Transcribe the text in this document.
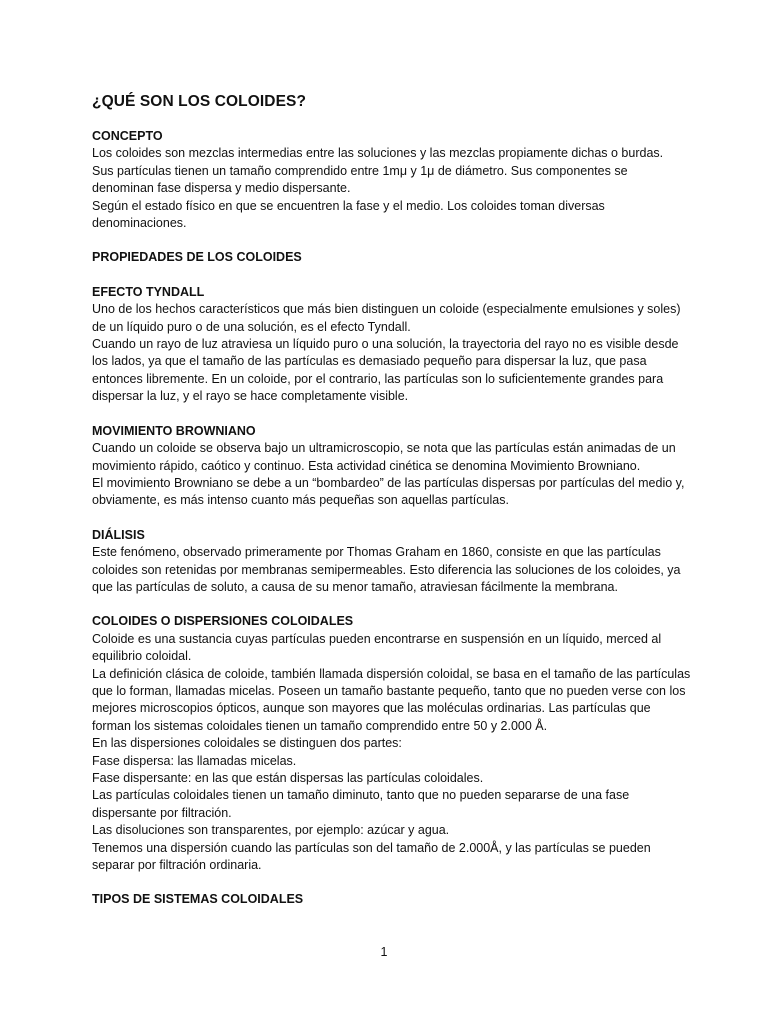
¿QUÉ SON LOS COLOIDES?
CONCEPTO

Los coloides son mezclas intermedias entre las soluciones y las mezclas propiamente dichas o burdas.

Sus partículas tienen un tamaño comprendido entre 1mμ y 1μ de diámetro. Sus componentes se denominan fase dispersa y medio dispersante.

Según el estado físico en que se encuentren la fase y el medio. Los coloides toman diversas denominaciones.

PROPIEDADES DE LOS COLOIDES
EFECTO TYNDALL

Uno de los hechos característicos que más bien distinguen un coloide (especialmente emulsiones y soles) de un líquido puro o de una solución, es el efecto Tyndall.

Cuando un rayo de luz atraviesa un líquido puro o una solución, la trayectoria del rayo no es visible desde los lados, ya que el tamaño de las partículas es demasiado pequeño para dispersar la luz, que pasa entonces libremente. En un coloide, por el contrario, las partículas son lo suficientemente grandes para dispersar la luz, y el rayo se hace completamente visible.

MOVIMIENTO BROWNIANO

Cuando un coloide se observa bajo un ultramicroscopio, se nota que las partículas están animadas de un movimiento rápido, caótico y continuo. Esta actividad cinética se denomina Movimiento Browniano.

El movimiento Browniano se debe a un “bombardeo” de las partículas dispersas por partículas del medio y, obviamente, es más intenso cuanto más pequeñas son aquellas partículas.

DIÁLISIS

Este fenómeno, observado primeramente por Thomas Graham en 1860, consiste en que las partículas coloides son retenidas por membranas semipermeables. Esto diferencia las soluciones de los coloides, ya que las partículas de soluto, a causa de su menor tamaño, atraviesan fácilmente la membrana.

COLOIDES O DISPERSIONES COLOIDALES

Coloide es una sustancia cuyas partículas pueden encontrarse en suspensión en un líquido, merced al equilibrio coloidal.

La definición clásica de coloide, también llamada dispersión coloidal, se basa en el tamaño de las partículas que lo forman, llamadas micelas. Poseen un tamaño bastante pequeño, tanto que no pueden verse con los mejores microscopios ópticos, aunque son mayores que las moléculas ordinarias. Las partículas que forman los sistemas coloidales tienen un tamaño comprendido entre 50 y 2.000 Å.

En las dispersiones coloidales se distinguen dos partes:

Fase dispersa: las llamadas micelas.

Fase dispersante: en las que están dispersas las partículas coloidales.

Las partículas coloidales tienen un tamaño diminuto, tanto que no pueden separarse de una fase dispersante por filtración.

Las disoluciones son transparentes, por ejemplo: azúcar y agua.

Tenemos una dispersión cuando las partículas son del tamaño de 2.000Å, y las partículas se pueden separar por filtración ordinaria.

TIPOS DE SISTEMAS COLOIDALES
1
